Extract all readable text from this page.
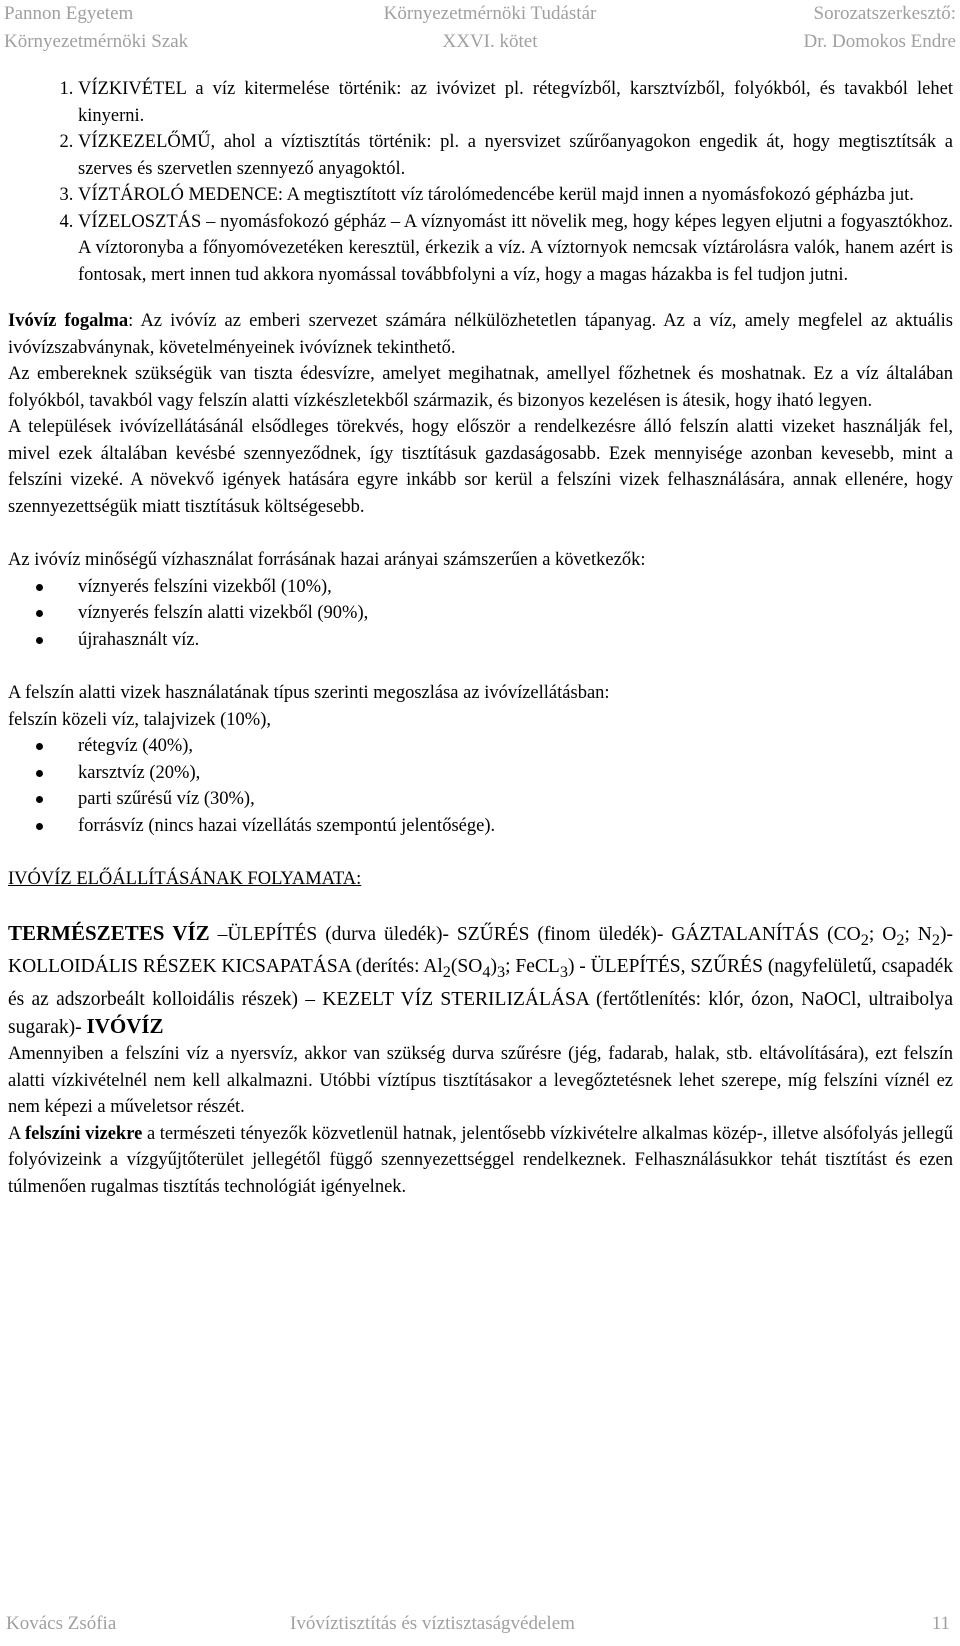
Pannon Egyetem
Környezetmérnöki Szak
Környezetmérnöki Tudástár
XXVI. kötet
Sorozatszerkesztő:
Dr. Domokos Endre
1. VÍZKIVÉTEL a víz kitermelése történik: az ivóvizet pl. rétegvízből, karsztvízből, folyókból, és tavakból lehet kinyerni.
2. VÍZKEZELŐMŰ, ahol a víztisztítás történik: pl. a nyersvizet szűrőanyagokon engedik át, hogy megtisztítsák a szerves és szervetlen szennyező anyagoktól.
3. VÍZTÁROLÓ MEDENCE: A megtisztított víz tárolómedencébe kerül majd innen a nyomásfokozó gépházba jut.
4. VÍZELOSZTÁS – nyomásfokozó gépház – A víznyomást itt növelik meg, hogy képes legyen eljutni a fogyasztókhoz. A víztoronyba a főnyomóvezetéken keresztül, érkezik a víz. A víztornyok nemcsak víztárolásra valók, hanem azért is fontosak, mert innen tud akkora nyomással továbbfolyni a víz, hogy a magas házakba is fel tudjon jutni.

Ivóvíz fogalma: Az ivóvíz az emberi szervezet számára nélkülözhetetlen tápanyag. Az a víz, amely megfelel az aktuális ivóvízszabványnak, követelményeinek ivóvíznek tekinthető.

Az embereknek szükségük van tiszta édesvízre, amelyet megihatnak, amellyel főzhetnek és moshatnak. Ez a víz általában folyókból, tavakból vagy felszín alatti vízkészletekből származik, és bizonyos kezelésen is átesik, hogy iható legyen.

A települések ivóvízellátásánál elsődleges törekvés, hogy először a rendelkezésre álló felszín alatti vizeket használják fel, mivel ezek általában kevésbé szennyeződnek, így tisztításuk gazdaságosabb. Ezek mennyisége azonban kevesebb, mint a felszíni vizeké. A növekvő igények hatására egyre inkább sor kerül a felszíni vizek felhasználására, annak ellenére, hogy szennyezettségük miatt tisztításuk költségesebb.

Az ivóvíz minőségű vízhasználat forrásának hazai arányai számszerűen a következők:

víznyerés felszíni vizekből (10%),
víznyerés felszín alatti vizekből (90%),
újrahasznált víz.

A felszín alatti vizek használatának típus szerinti megoszlása az ivóvízellátásban:

felszín közeli víz, talajvizek (10%),

rétegvíz (40%),
karsztvíz (20%),
parti szűrésű víz (30%),
forrásvíz (nincs hazai vízellátás szempontú jelentősége).

IVÓVÍZ ELŐÁLLÍTÁSÁNAK FOLYAMATA:

TERMÉSZETES VÍZ –ÜLEPÍTÉS (durva üledék)- SZŰRÉS (finom üledék)- GÁZTALANÍTÁS ($CO_2$; $O_2$; $N_2)-$ KOLLOIDÁLIS RÉSZEK KICSAPATÁSA (derítés: $Al_2(SO_4)_3$; FeCL$_3$) - ÜLEPÍTÉS, SZŰRÉS (nagyfelületű, csapadék és az adszorbeált kolloidális részek) – KEZELT VÍZ STERILIZÁLÁSA (fertőtlenítés: klór, ózon, NaOCl, ultraibolya sugarak)- IVÓVÍZ

Amennyiben a felszíni víz a nyersvíz, akkor van szükség durva szűrésre (jég, fadarab, halak, stb. eltávolítására), ezt felszín alatti vízkivételnél nem kell alkalmazni. Utóbbi víztípus tisztításakor a levegőztetésnek lehet szerepe, míg felszíni víznél ez nem képezi a műveletsor részét.

A felszíni vizekre a természeti tényezők közvetlenül hatnak, jelentősebb vízkivételre alkalmas közép-, illetve alsófolyás jellegű folyóvizeink a vízgyűjtőterület jellegétől függő szennyezettséggel rendelkeznek. Felhasználásukkor tehát tisztítást és ezen túlmenően rugalmas tisztítás technológiát igényelnek.

Kovács Zsófia	Ivóvíztisztítás és víztisztaságvédelem	11
